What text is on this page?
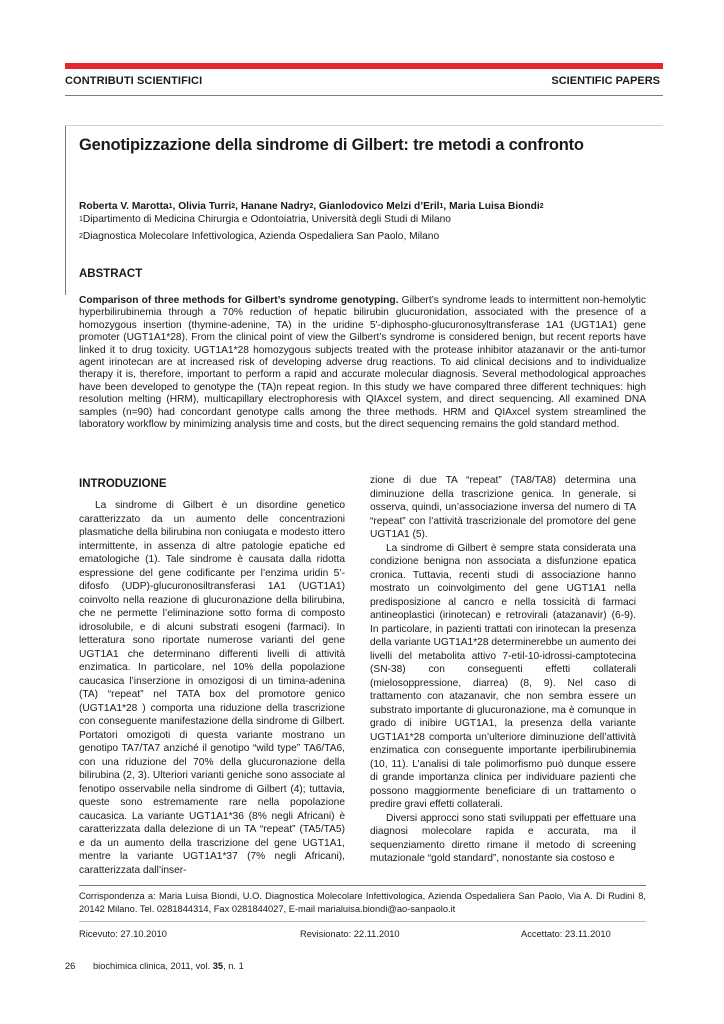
CONTRIBUTI SCIENTIFICI	SCIENTIFIC PAPERS
Genotipizzazione della sindrome di Gilbert: tre metodi a confronto
Roberta V. Marotta$^1$, Olivia Turri$^2$, Hanane Nadry$^2$, Gianlodovico Melzi d’Eril$^1$, Maria Luisa Biondi$^2$
$^1$Dipartimento di Medicina Chirurgia e Odontoiatria, Università degli Studi di Milano
$^2$Diagnostica Molecolare Infettivologica, Azienda Ospedaliera San Paolo, Milano
ABSTRACT
Comparison of three methods for Gilbert’s syndrome genotyping. Gilbert’s syndrome leads to intermittent non-hemolytic hyperbilirubinemia through a 70% reduction of hepatic bilirubin glucuronidation, associated with the presence of a homozygous insertion (thymine-adenine, TA) in the uridine 5'-diphospho-glucuronosyltransferase 1A1 (UGT1A1) gene promoter (UGT1A1*28). From the clinical point of view the Gilbert’s syndrome is considered benign, but recent reports have linked it to drug toxicity. UGT1A1*28 homozygous subjects treated with the protease inhibitor atazanavir or the anti-tumor agent irinotecan are at increased risk of developing adverse drug reactions. To aid clinical decisions and to individualize therapy it is, therefore, important to perform a rapid and accurate molecular diagnosis. Several methodological approaches have been developed to genotype the (TA)n repeat region. In this study we have compared three different techniques: high resolution melting (HRM), multicapillary electrophoresis with QIAxcel system, and direct sequencing. All examined DNA samples (n=90) had concordant genotype calls among the three methods. HRM and QIAxcel system streamlined the laboratory workflow by minimizing analysis time and costs, but the direct sequencing remains the gold standard method.
INTRODUZIONE

La sindrome di Gilbert è un disordine genetico caratterizzato da un aumento delle concentrazioni plasmatiche della bilirubina non coniugata e modesto ittero intermittente, in assenza di altre patologie epatiche ed ematologiche (1). Tale sindrome è causata dalla ridotta espressione del gene codificante per l’enzima uridin 5’-difosfo (UDP)-glucuronosiltransferasi 1A1 (UGT1A1) coinvolto nella reazione di glucuronazione della bilirubina, che ne permette l’eliminazione sotto forma di composto idrosolubile, e di alcuni substrati esogeni (farmaci). In letteratura sono riportate numerose varianti del gene UGT1A1 che determinano differenti livelli di attività enzimatica. In particolare, nel 10% della popolazione caucasica l’inserzione in omozigosi di un timina-adenina (TA) “repeat” nel TATA box del promotore genico (UGT1A1*28 ) comporta una riduzione della trascrizione con conseguente manifestazione della sindrome di Gilbert. Portatori omozigoti di questa variante mostrano un genotipo TA7/TA7 anziché il genotipo “wild type” TA6/TA6, con una riduzione del 70% della glucuronazione della bilirubina (2, 3). Ulteriori varianti geniche sono associate al fenotipo osservabile nella sindrome di Gilbert (4); tuttavia, queste sono estremamente rare nella popolazione caucasica. La variante UGT1A1*36 (8% negli Africani) è caratterizzata dalla delezione di un TA “repeat” (TA5/TA5) e da un aumento della trascrizione del gene UGT1A1, mentre la variante UGT1A1*37 (7% negli Africani), caratterizzata dall’inser-

zione di due TA “repeat” (TA8/TA8) determina una diminuzione della trascrizione genica. In generale, si osserva, quindi, un’associazione inversa del numero di TA “repeat” con l’attività trascrizionale del promotore del gene UGT1A1 (5).

La sindrome di Gilbert è sempre stata considerata una condizione benigna non associata a disfunzione epatica cronica. Tuttavia, recenti studi di associazione hanno mostrato un coinvolgimento del gene UGT1A1 nella predisposizione al cancro e nella tossicità di farmaci antineoplastici (irinotecan) e retrovirali (atazanavir) (6-9). In particolare, in pazienti trattati con irinotecan la presenza della variante UGT1A1*28 determinerebbe un aumento dei livelli del metabolita attivo 7-etil-10-idrossi-camptotecina (SN-38) con conseguenti effetti collaterali (mielosoppressione, diarrea) (8, 9). Nel caso di trattamento con atazanavir, che non sembra essere un substrato importante di glucuronazione, ma è comunque in grado di inibire UGT1A1, la presenza della variante UGT1A1*28 comporta un’ulteriore diminuzione dell’attività enzimatica con conseguente importante iperbilirubinemia (10, 11). L’analisi di tale polimorfismo può dunque essere di grande importanza clinica per individuare pazienti che possono maggiormente beneficiare di un trattamento o predire gravi effetti collaterali.

Diversi approcci sono stati sviluppati per effettuare una diagnosi molecolare rapida e accurata, ma il sequenziamento diretto rimane il metodo di screening mutazionale “gold standard”, nonostante sia costoso e

Corrispondenza a: Maria Luisa Biondi, U.O. Diagnostica Molecolare Infettivologica, Azienda Ospedaliera San Paolo, Via A. Di Rudinì 8, 20142 Milano. Tel. 0281844314, Fax 0281844027, E-mail marialuisa.biondi@ao-sanpaolo.it
Ricevuto: 27.10.2010	Revisionato: 22.11.2010	Accettato: 23.11.2010
26 biochimica clinica, 2011, vol. 35, n. 1
